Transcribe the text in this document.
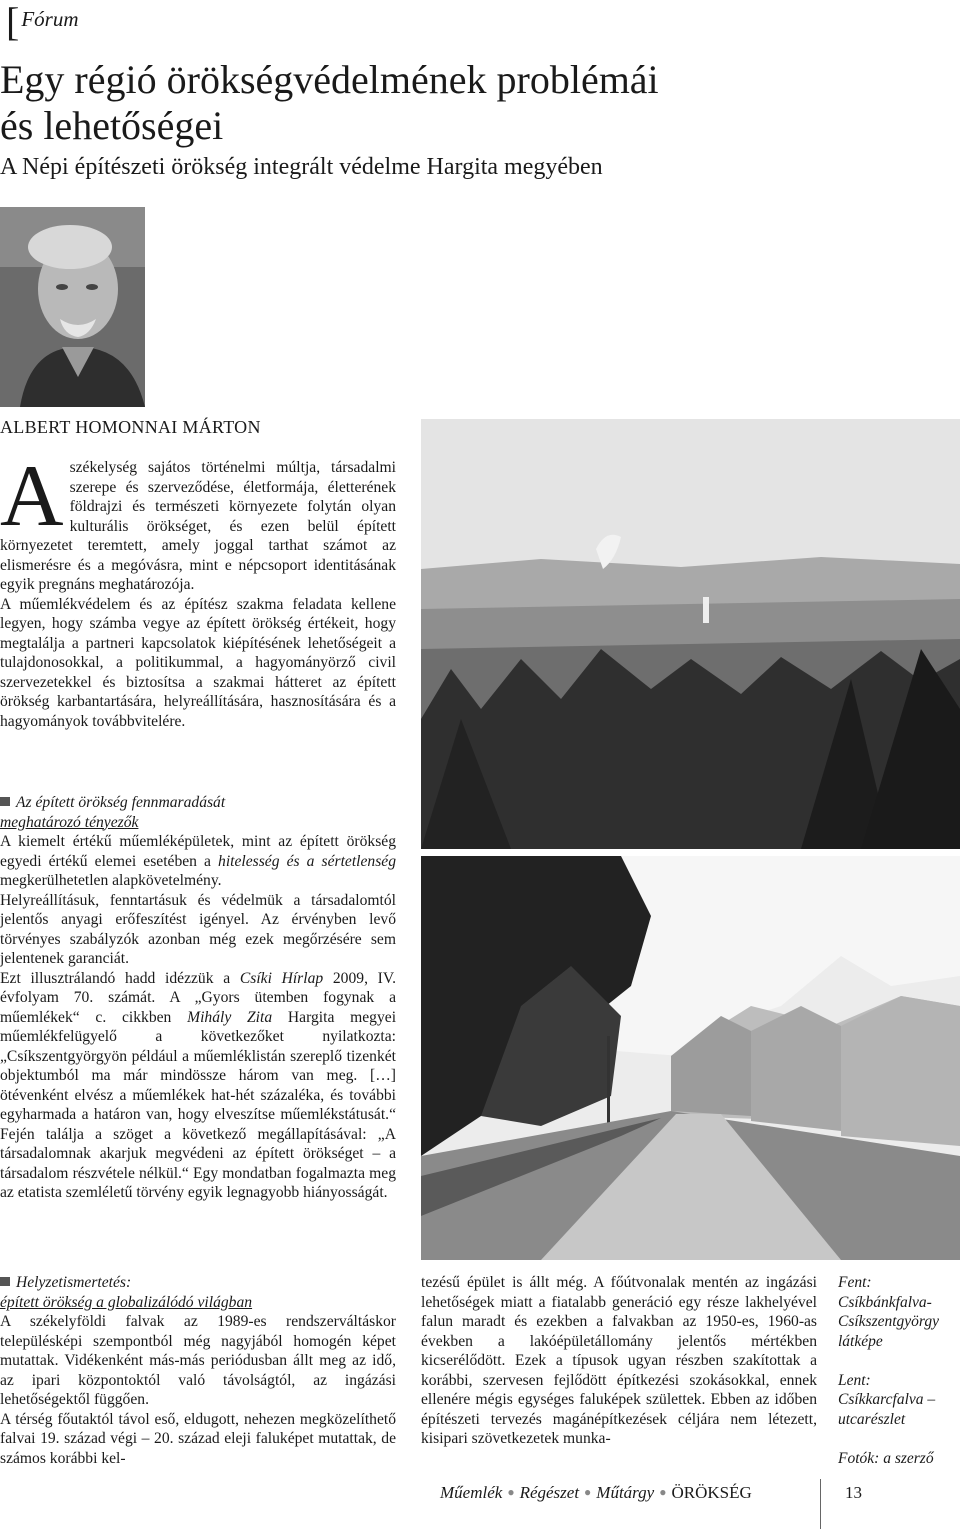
[$^{Fórum}$
Egy régió örökségvédelmének problémái
és lehetőségei
A Népi építészeti örökség integrált védelme Hargita megyében
ALBERT HOMONNAI MÁRTON

Aszékelység sajátos történelmi múltja, társadalmi szerepe és szerveződése, életformája, életterének földrajzi és természeti környezete folytán olyan kulturális örökséget, és ezen belül épített környezetet teremtett, amely joggal tarthat számot az elismerésre és a megóvásra, mint e népcsoport identitásának egyik pregnáns meghatározója.

A műemlékvédelem és az építész szakma feladata kellene legyen, hogy számba vegye az épített örökség értékeit, hogy megtalálja a partneri kapcsolatok kiépítésének lehetőségeit a tulajdonosokkal, a politikummal, a hagyományörző civil szervezetekkel és biztosítsa a szakmai hátteret az épített örökség karbantartására, helyreállítására, hasznosítására és a hagyományok továbbvitelére.

Az épített örökség fennmaradását
meghatározó tényezők

A kiemelt értékű műemléképületek, mint az épített örökség egyedi értékű elemei esetében a hitelesség és a sértetlenség megkerülhetetlen alapkövetelmény.

Helyreállításuk, fenntartásuk és védelmük a társadalomtól jelentős anyagi erőfeszítést igényel. Az érvényben levő törvényes szabályzók azonban még ezek megőrzésére sem jelentenek garanciát.

Ezt illusztrálandó hadd idézzük a Csíki Hírlap 2009, IV. évfolyam 70. számát. A „Gyors ütemben fogynak a műemlékek“ c. cikkben Mihály Zita Hargita megyei műemlékfelügyelő a következőket nyilatkozta: „Csíkszentgyörgyön például a műemléklistán szereplő tizenkét objektumból ma már mindössze három van meg. […] ötévenként elvész a műemlékek hat-hét százaléka, és további egyharmada a határon van, hogy elveszítse műemlékstátusát.“ Fején találja a szöget a következő megállapításával: „A társadalomnak akarjuk megvédeni az épített örökséget – a társadalom részvétele nélkül.“ Egy mondatban fogalmazta meg az etatista szemléletű törvény egyik legnagyobb hiányosságát.

Helyzetismertetés:
épített örökség a globalizálódó világban

A székelyföldi falvak az 1989-es rendszerváltáskor településképi szempontból még nagyjából homogén képet mutattak. Vidékenként más-más periódusban állt meg az idő, az ipari központoktól való távolságtól, az ingázási lehetőségektől függően.

A térség főutaktól távol eső, eldugott, nehezen megközelíthető falvai 19. század végi – 20. század eleji faluképet mutattak, de számos korábbi kel-

tezésű épület is állt még. A főútvonalak mentén az ingázási lehetőségek miatt a fiatalabb generáció egy része lakhelyével falun maradt és ezekben a falvakban az 1950-es, 1960-as években a lakóépületállomány jelentős mértékben kicserélődött. Ezek a típusok ugyan részben szakítottak a korábbi, szervesen fejlődött építkezési szokásokkal, ennek ellenére mégis egységes faluképek születtek. Ebben az időben építészeti tervezés magánépítkezések céljára nem létezett, kisipari szövetkezetek munka-

Fent: Csíkbánkfalva-Csíkszentgyörgy látképe

Lent: Csíkkarcfalva – utcarészlet

Fotók: a szerző

Műemlék ● Régészet ● Műtárgy ● ÖRÖKSÉG	13
